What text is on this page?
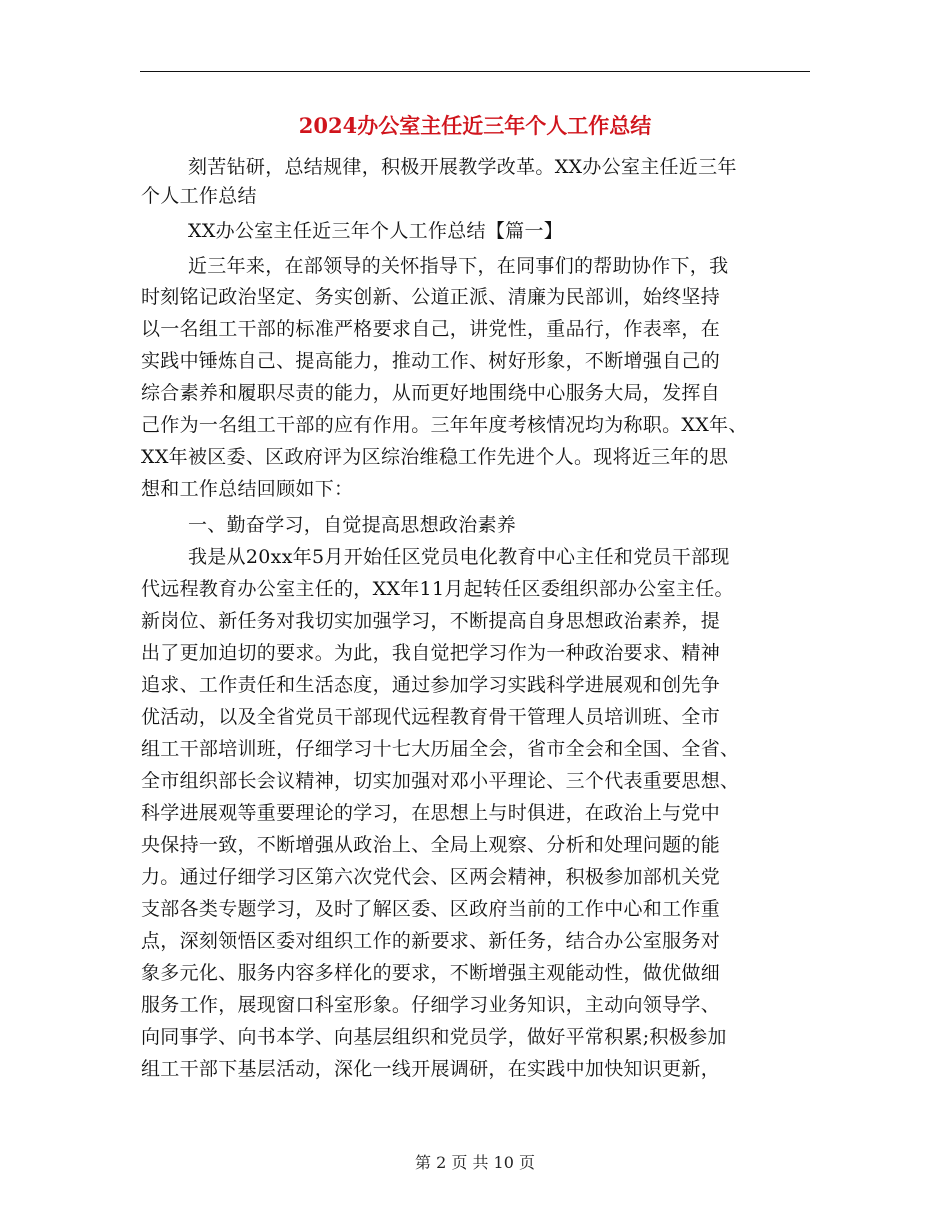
2024办公室主任近三年个人工作总结
刻苦钻研，总结规律，积极开展教学改革。XX办公室主任近三年
个人工作总结
XX办公室主任近三年个人工作总结【篇一】
近三年来，在部领导的关怀指导下，在同事们的帮助协作下，我
时刻铭记政治坚定、务实创新、公道正派、清廉为民部训，始终坚持
以一名组工干部的标准严格要求自己，讲党性，重品行，作表率，在
实践中锤炼自己、提高能力，推动工作、树好形象，不断增强自己的
综合素养和履职尽责的能力，从而更好地围绕中心服务大局，发挥自
己作为一名组工干部的应有作用。三年年度考核情况均为称职。XX年、
XX年被区委、区政府评为区综治维稳工作先进个人。现将近三年的思
想和工作总结回顾如下：
一、勤奋学习，自觉提高思想政治素养
我是从20xx年5月开始任区党员电化教育中心主任和党员干部现
代远程教育办公室主任的，XX年11月起转任区委组织部办公室主任。
新岗位、新任务对我切实加强学习，不断提高自身思想政治素养，提
出了更加迫切的要求。为此，我自觉把学习作为一种政治要求、精神
追求、工作责任和生活态度，通过参加学习实践科学进展观和创先争
优活动，以及全省党员干部现代远程教育骨干管理人员培训班、全市
组工干部培训班，仔细学习十七大历届全会，省市全会和全国、全省、
全市组织部长会议精神，切实加强对邓小平理论、三个代表重要思想、
科学进展观等重要理论的学习，在思想上与时俱进，在政治上与党中
央保持一致，不断增强从政治上、全局上观察、分析和处理问题的能
力。通过仔细学习区第六次党代会、区两会精神，积极参加部机关党
支部各类专题学习，及时了解区委、区政府当前的工作中心和工作重
点，深刻领悟区委对组织工作的新要求、新任务，结合办公室服务对
象多元化、服务内容多样化的要求，不断增强主观能动性，做优做细
服务工作，展现窗口科室形象。仔细学习业务知识，主动向领导学、
向同事学、向书本学、向基层组织和党员学，做好平常积累;积极参加
组工干部下基层活动，深化一线开展调研，在实践中加快知识更新，
第 2 页 共 10 页
